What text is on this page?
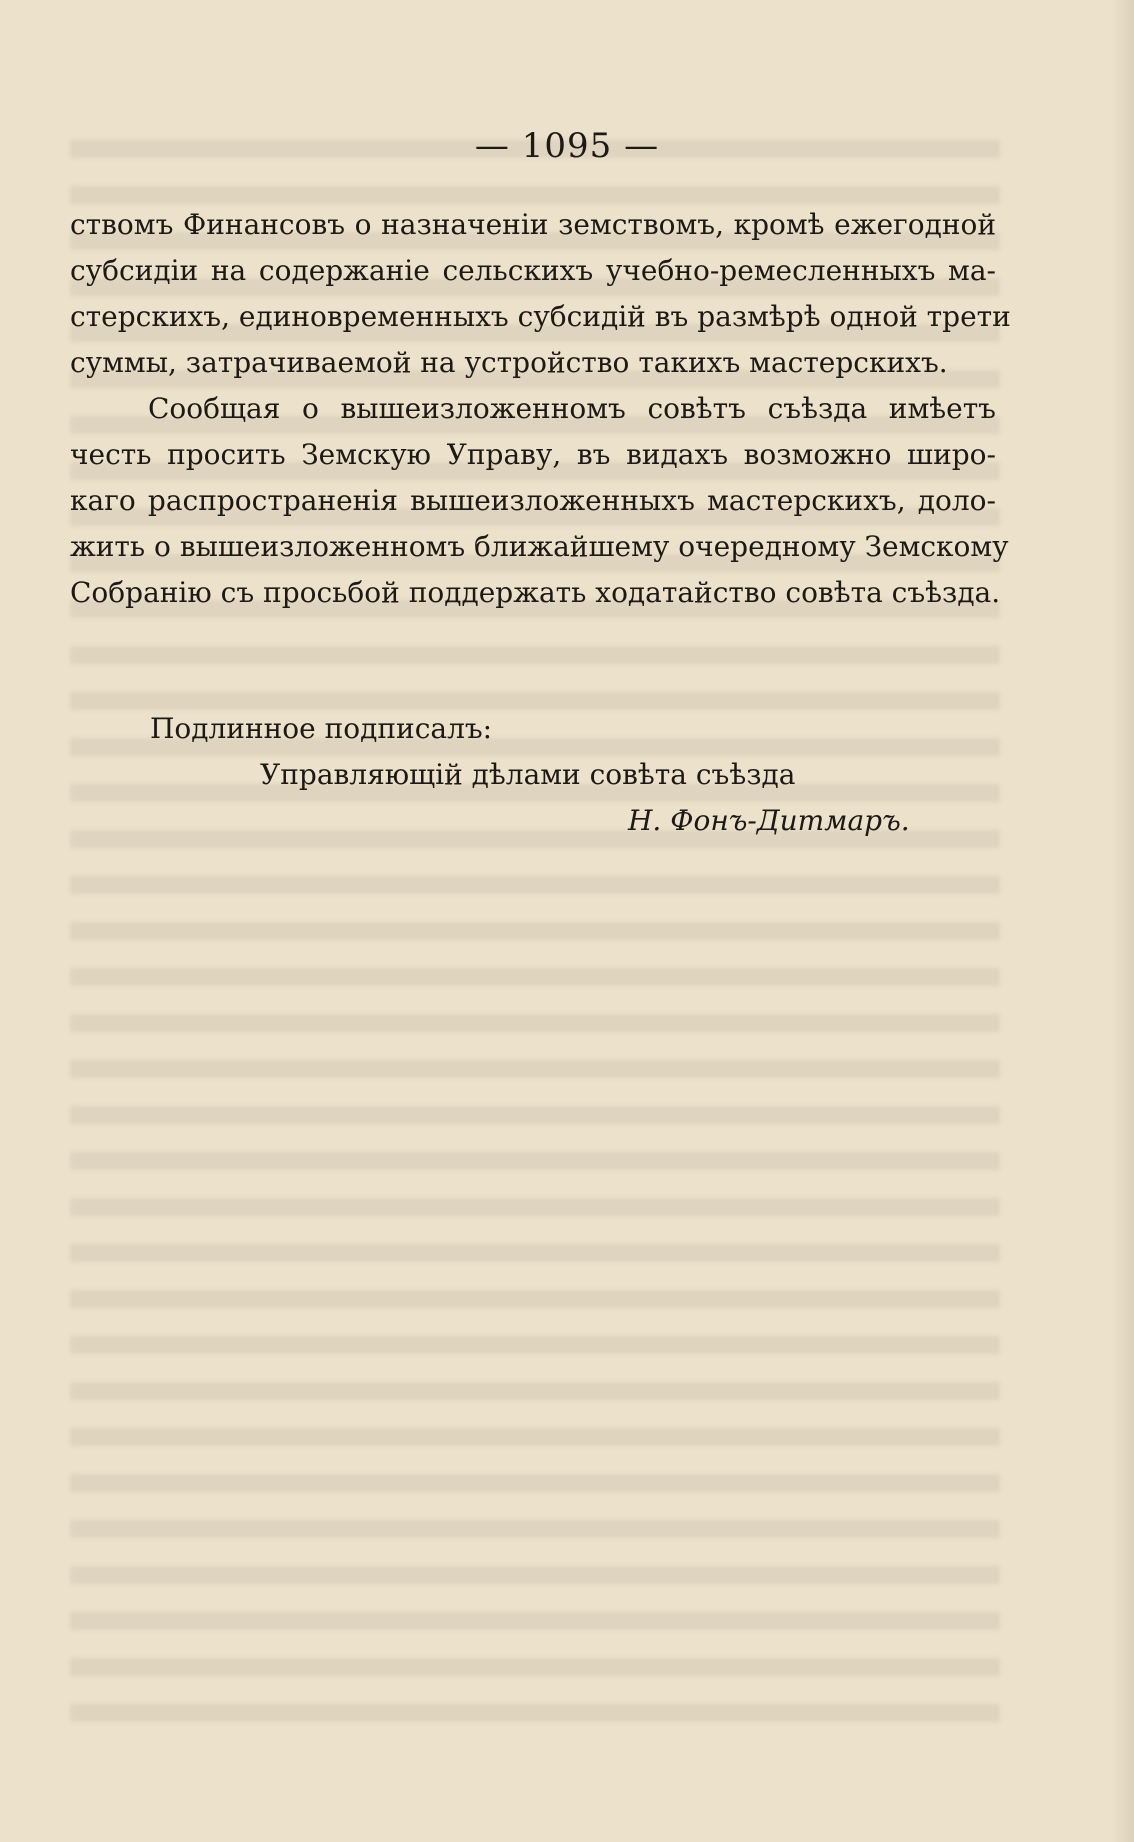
— 1095 —

ствомъ Финансовъ о назначеніи земствомъ, кромѣ ежегодной
субсидіи на содержаніе сельскихъ учебно-ремесленныхъ ма-
стерскихъ, единовременныхъ субсидій въ размѣрѣ одной трети
суммы, затрачиваемой на устройство такихъ мастерскихъ.

Сообщая о вышеизложенномъ совѣтъ съѣзда имѣетъ
честь просить Земскую Управу, въ видахъ возможно широ-
каго распространенія вышеизложенныхъ мастерскихъ, доло-
жить о вышеизложенномъ ближайшему очередному Земскому
Собранію съ просьбой поддержать ходатайство совѣта съѣзда.

Подлинное подписалъ:
Управляющій дѣлами совѣта съѣзда
Н. Фонъ-Дитмаръ.
